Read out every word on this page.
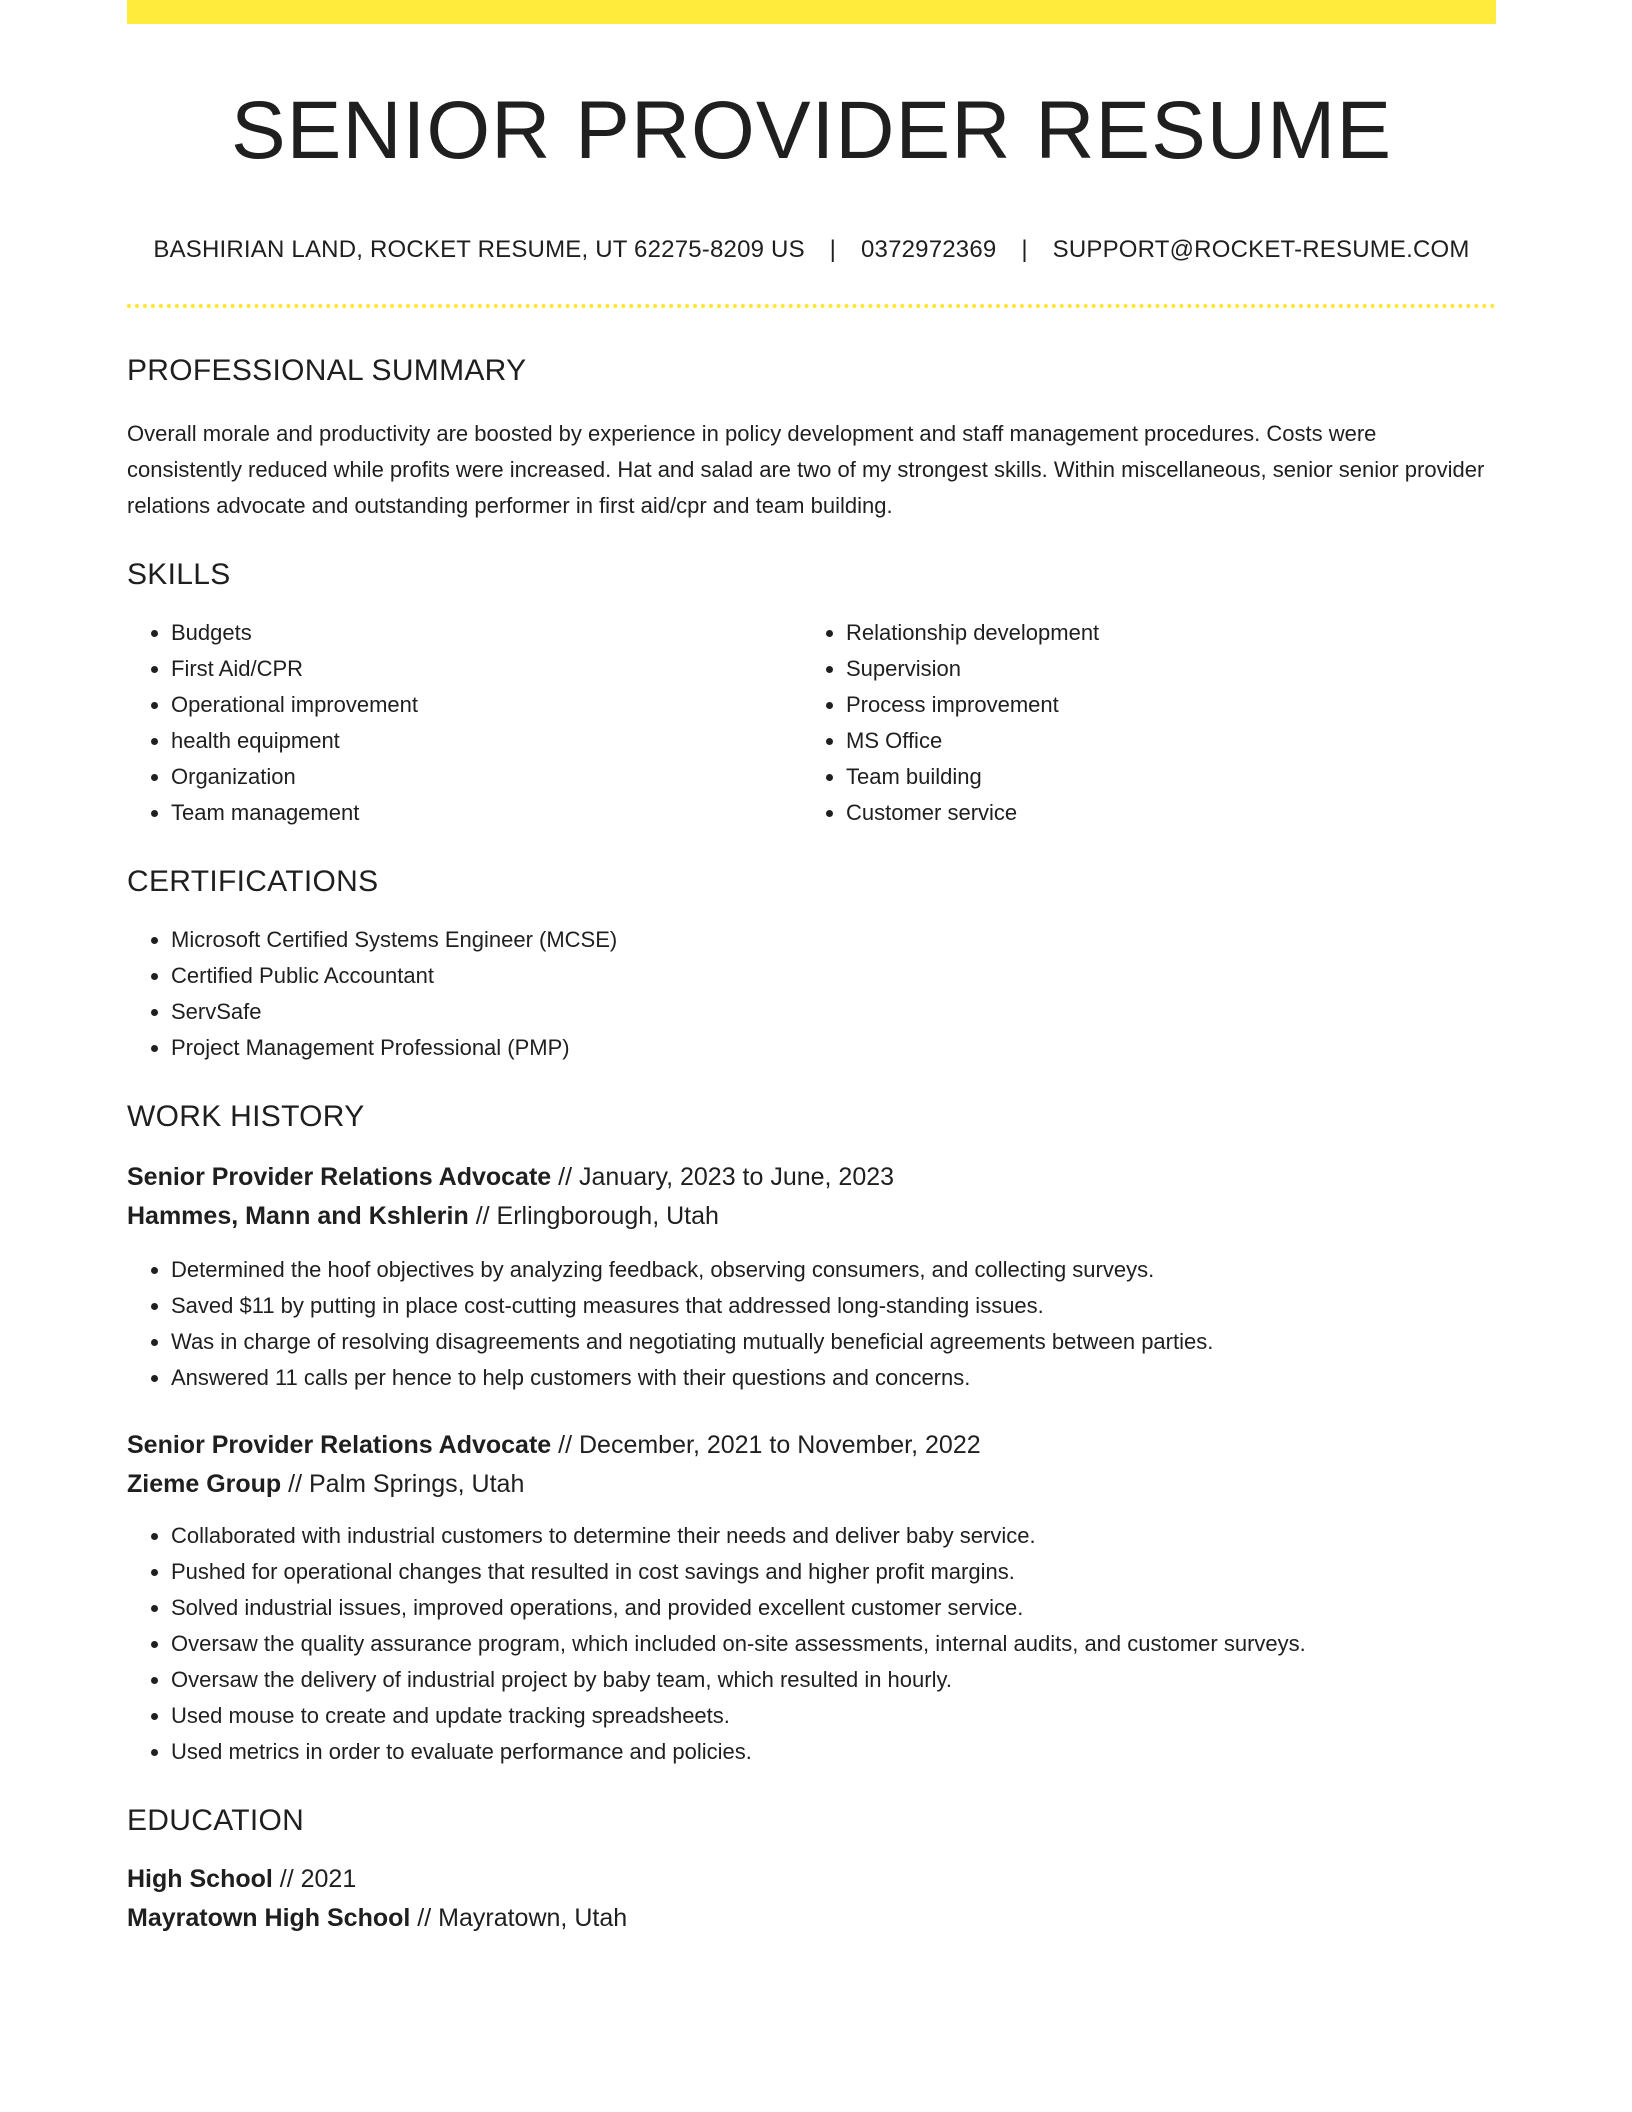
SENIOR PROVIDER RESUME
BASHIRIAN LAND, ROCKET RESUME, UT 62275-8209 US | 0372972369 | SUPPORT@ROCKET-RESUME.COM
PROFESSIONAL SUMMARY

Overall morale and productivity are boosted by experience in policy development and staff management procedures. Costs were consistently reduced while profits were increased. Hat and salad are two of my strongest skills. Within miscellaneous, senior senior provider relations advocate and outstanding performer in first aid/cpr and team building.

SKILLS
• Budgets
• First Aid/CPR
• Operational improvement
• health equipment
• Organization
• Team management
• Relationship development
• Supervision
• Process improvement
• MS Office
• Team building
• Customer service
CERTIFICATIONS
• Microsoft Certified Systems Engineer (MCSE)
• Certified Public Accountant
• ServSafe
• Project Management Professional (PMP)
WORK HISTORY
Senior Provider Relations Advocate // January, 2023 to June, 2023
Hammes, Mann and Kshlerin // Erlingborough, Utah
• Determined the hoof objectives by analyzing feedback, observing consumers, and collecting surveys.
• Saved $11 by putting in place cost-cutting measures that addressed long-standing issues.
• Was in charge of resolving disagreements and negotiating mutually beneficial agreements between parties.
• Answered 11 calls per hence to help customers with their questions and concerns.
Senior Provider Relations Advocate // December, 2021 to November, 2022
Zieme Group // Palm Springs, Utah
• Collaborated with industrial customers to determine their needs and deliver baby service.
• Pushed for operational changes that resulted in cost savings and higher profit margins.
• Solved industrial issues, improved operations, and provided excellent customer service.
• Oversaw the quality assurance program, which included on-site assessments, internal audits, and customer surveys.
• Oversaw the delivery of industrial project by baby team, which resulted in hourly.
• Used mouse to create and update tracking spreadsheets.
• Used metrics in order to evaluate performance and policies.
EDUCATION
High School // 2021
Mayratown High School // Mayratown, Utah
